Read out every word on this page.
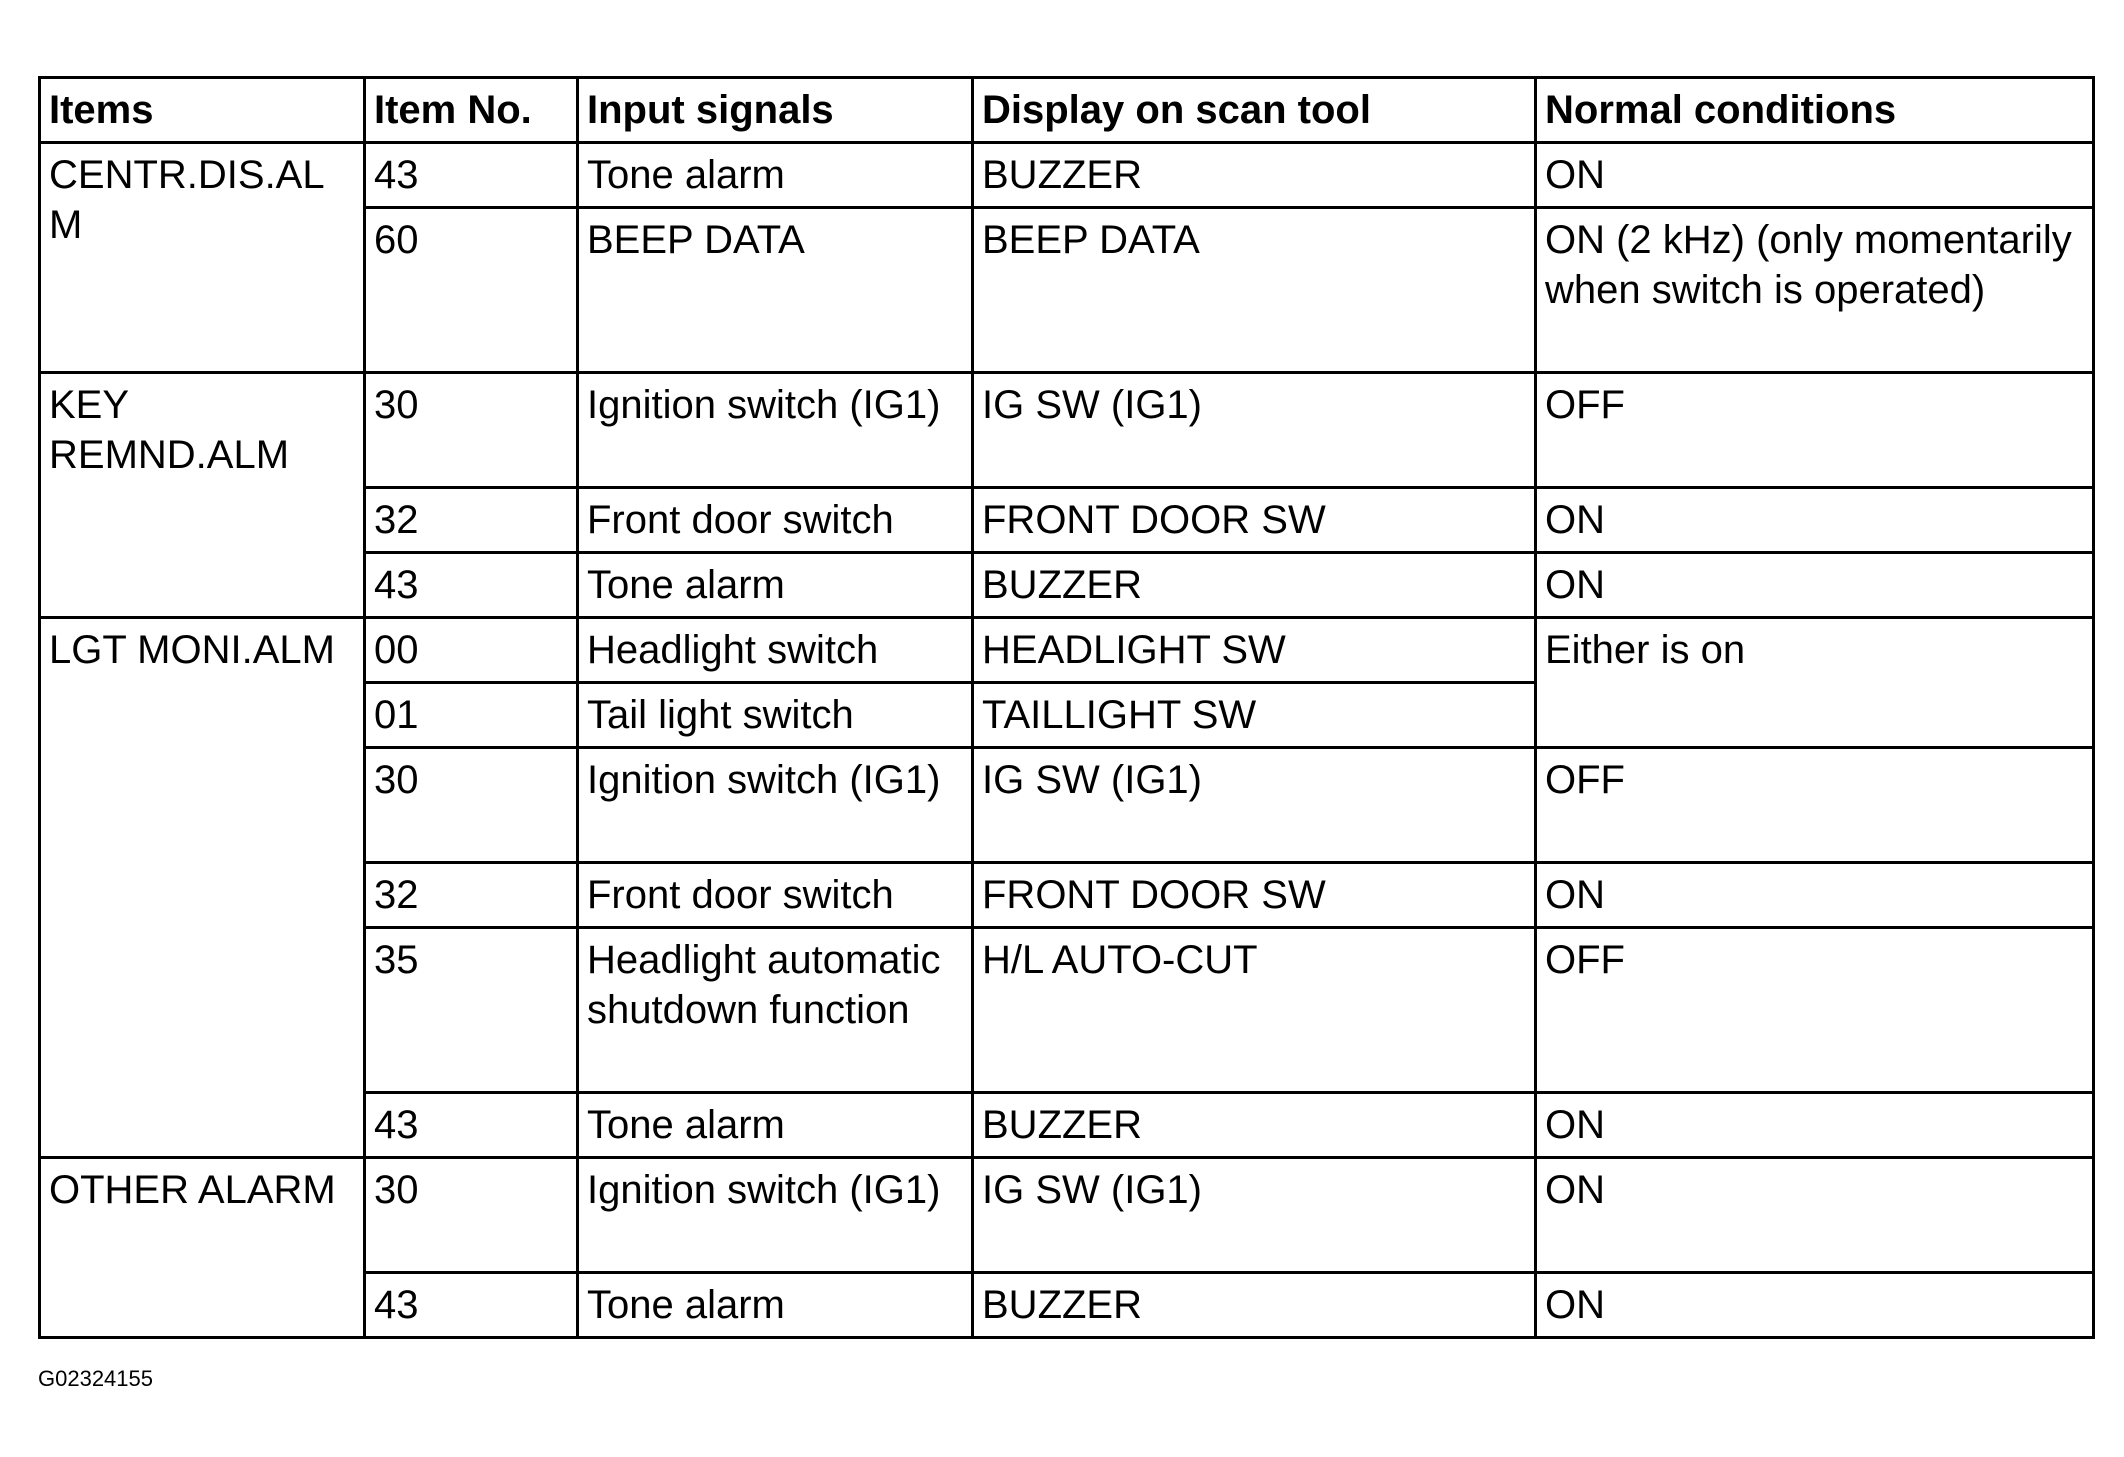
Items	Item No.	Input signals	Display on scan tool	Normal conditions
CENTR.DIS.ALM	43	Tone alarm	BUZZER	ON
	60	BEEP DATA	BEEP DATA	ON (2 kHz) (only momentarily when switch is operated)
KEY REMND.ALM	30	Ignition switch (IG1)	IG SW (IG1)	OFF
	32	Front door switch	FRONT DOOR SW	ON
	43	Tone alarm	BUZZER	ON
LGT MONI.ALM	00	Headlight switch	HEADLIGHT SW	Either is on
	01	Tail light switch	TAILLIGHT SW	
	30	Ignition switch (IG1)	IG SW (IG1)	OFF
	32	Front door switch	FRONT DOOR SW	ON
	35	Headlight automatic shutdown function	H/L AUTO-CUT	OFF
	43	Tone alarm	BUZZER	ON
OTHER ALARM	30	Ignition switch (IG1)	IG SW (IG1)	ON
	43	Tone alarm	BUZZER	ON
G02324155
